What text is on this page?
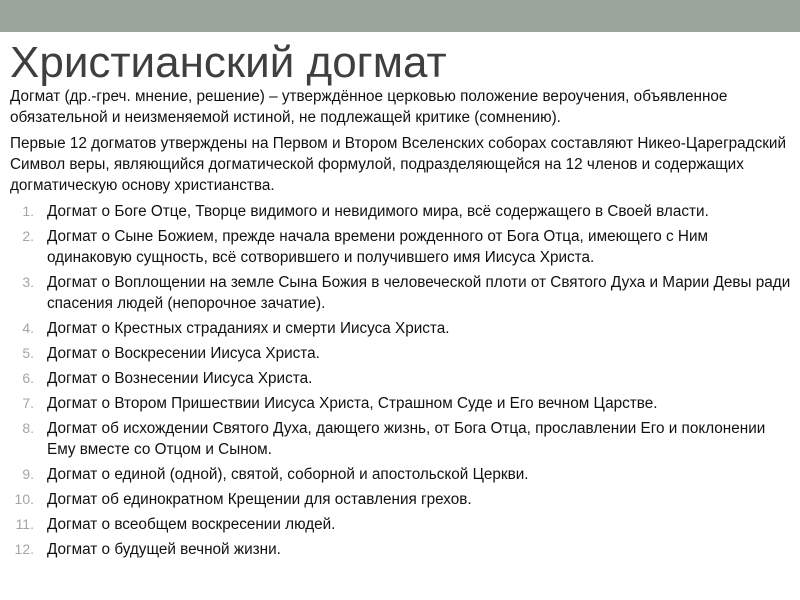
Христианский догмат

Догмат (др.-греч. мнение, решение) – утверждённое церковью положение вероучения, объявленное обязательной и неизменяемой истиной, не подлежащей критике (сомнению).

Первые 12 догматов утверждены на Первом и Втором Вселенских соборах составляют Никео-Цареградский Символ веры, являющийся догматической формулой, подразделяющейся на 12 членов и содержащих догматическую основу христианства.

1. Догмат о Боге Отце, Творце видимого и невидимого мира, всё содержащего в Своей власти.
2. Догмат о Сыне Божием, прежде начала времени рожденного от Бога Отца, имеющего с Ним одинаковую сущность, всё сотворившего и получившего имя Иисуса Христа.
3. Догмат о Воплощении на земле Сына Божия в человеческой плоти от Святого Духа и Марии Девы ради спасения людей (непорочное зачатие).
4. Догмат о Крестных страданиях и смерти Иисуса Христа.
5. Догмат о Воскресении Иисуса Христа.
6. Догмат о Вознесении Иисуса Христа.
7. Догмат о Втором Пришествии Иисуса Христа, Страшном Суде и Его вечном Царстве.
8. Догмат об исхождении Святого Духа, дающего жизнь, от Бога Отца, прославлении Его и поклонении Ему вместе со Отцом и Сыном.
9. Догмат о единой (одной), святой, соборной и апостольской Церкви.
10. Догмат об единократном Крещении для оставления грехов.
11. Догмат о всеобщем воскресении людей.
12. Догмат о будущей вечной жизни.
